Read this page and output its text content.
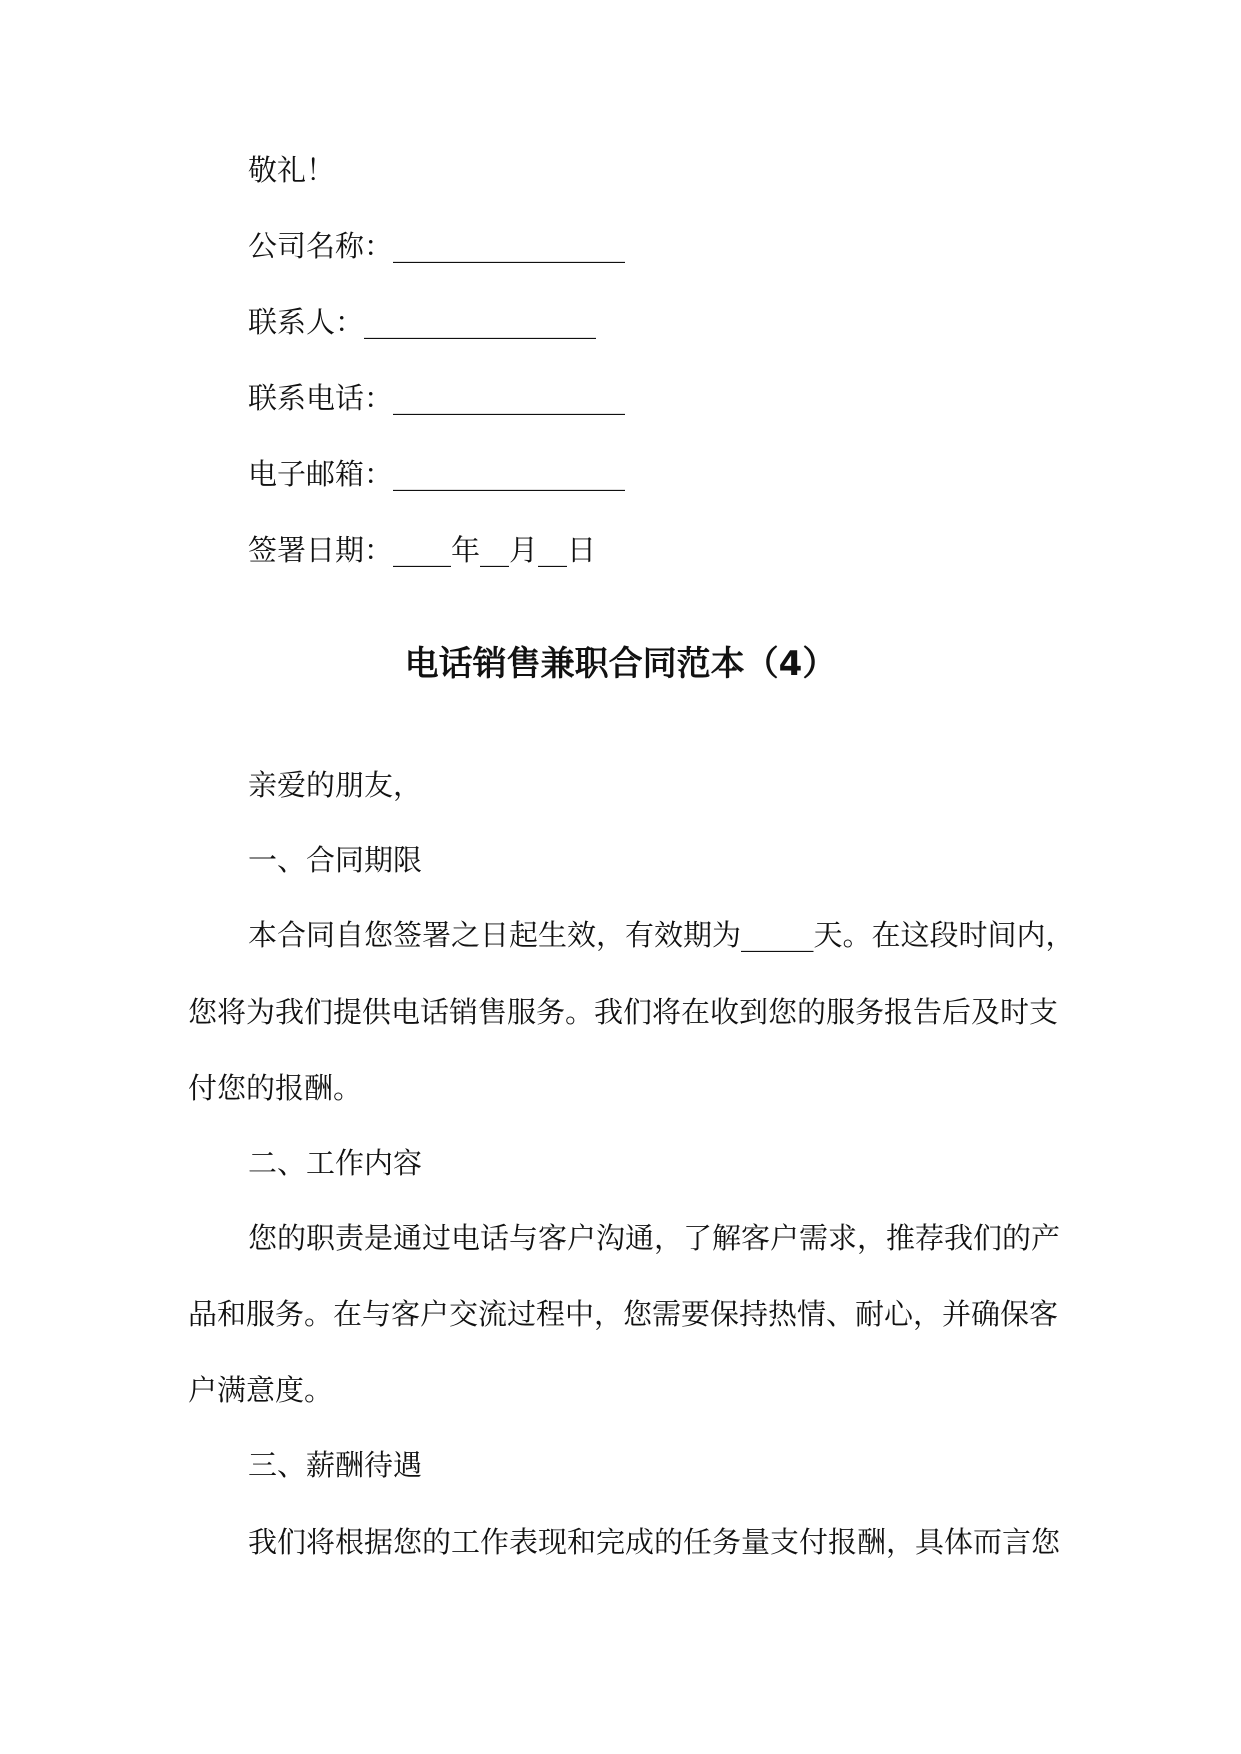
敬礼！
公司名称：________________
联系人：________________
联系电话：________________
电子邮箱：________________
签署日期：____年__月__日
电话销售兼职合同范本（4）
亲爱的朋友，
一、合同期限
本合同自您签署之日起生效，有效期为_____天。在这段时间内，
您将为我们提供电话销售服务。我们将在收到您的服务报告后及时支
付您的报酬。
二、工作内容
您的职责是通过电话与客户沟通，了解客户需求，推荐我们的产
品和服务。在与客户交流过程中，您需要保持热情、耐心，并确保客
户满意度。
三、薪酬待遇
我们将根据您的工作表现和完成的任务量支付报酬，具体而言您
